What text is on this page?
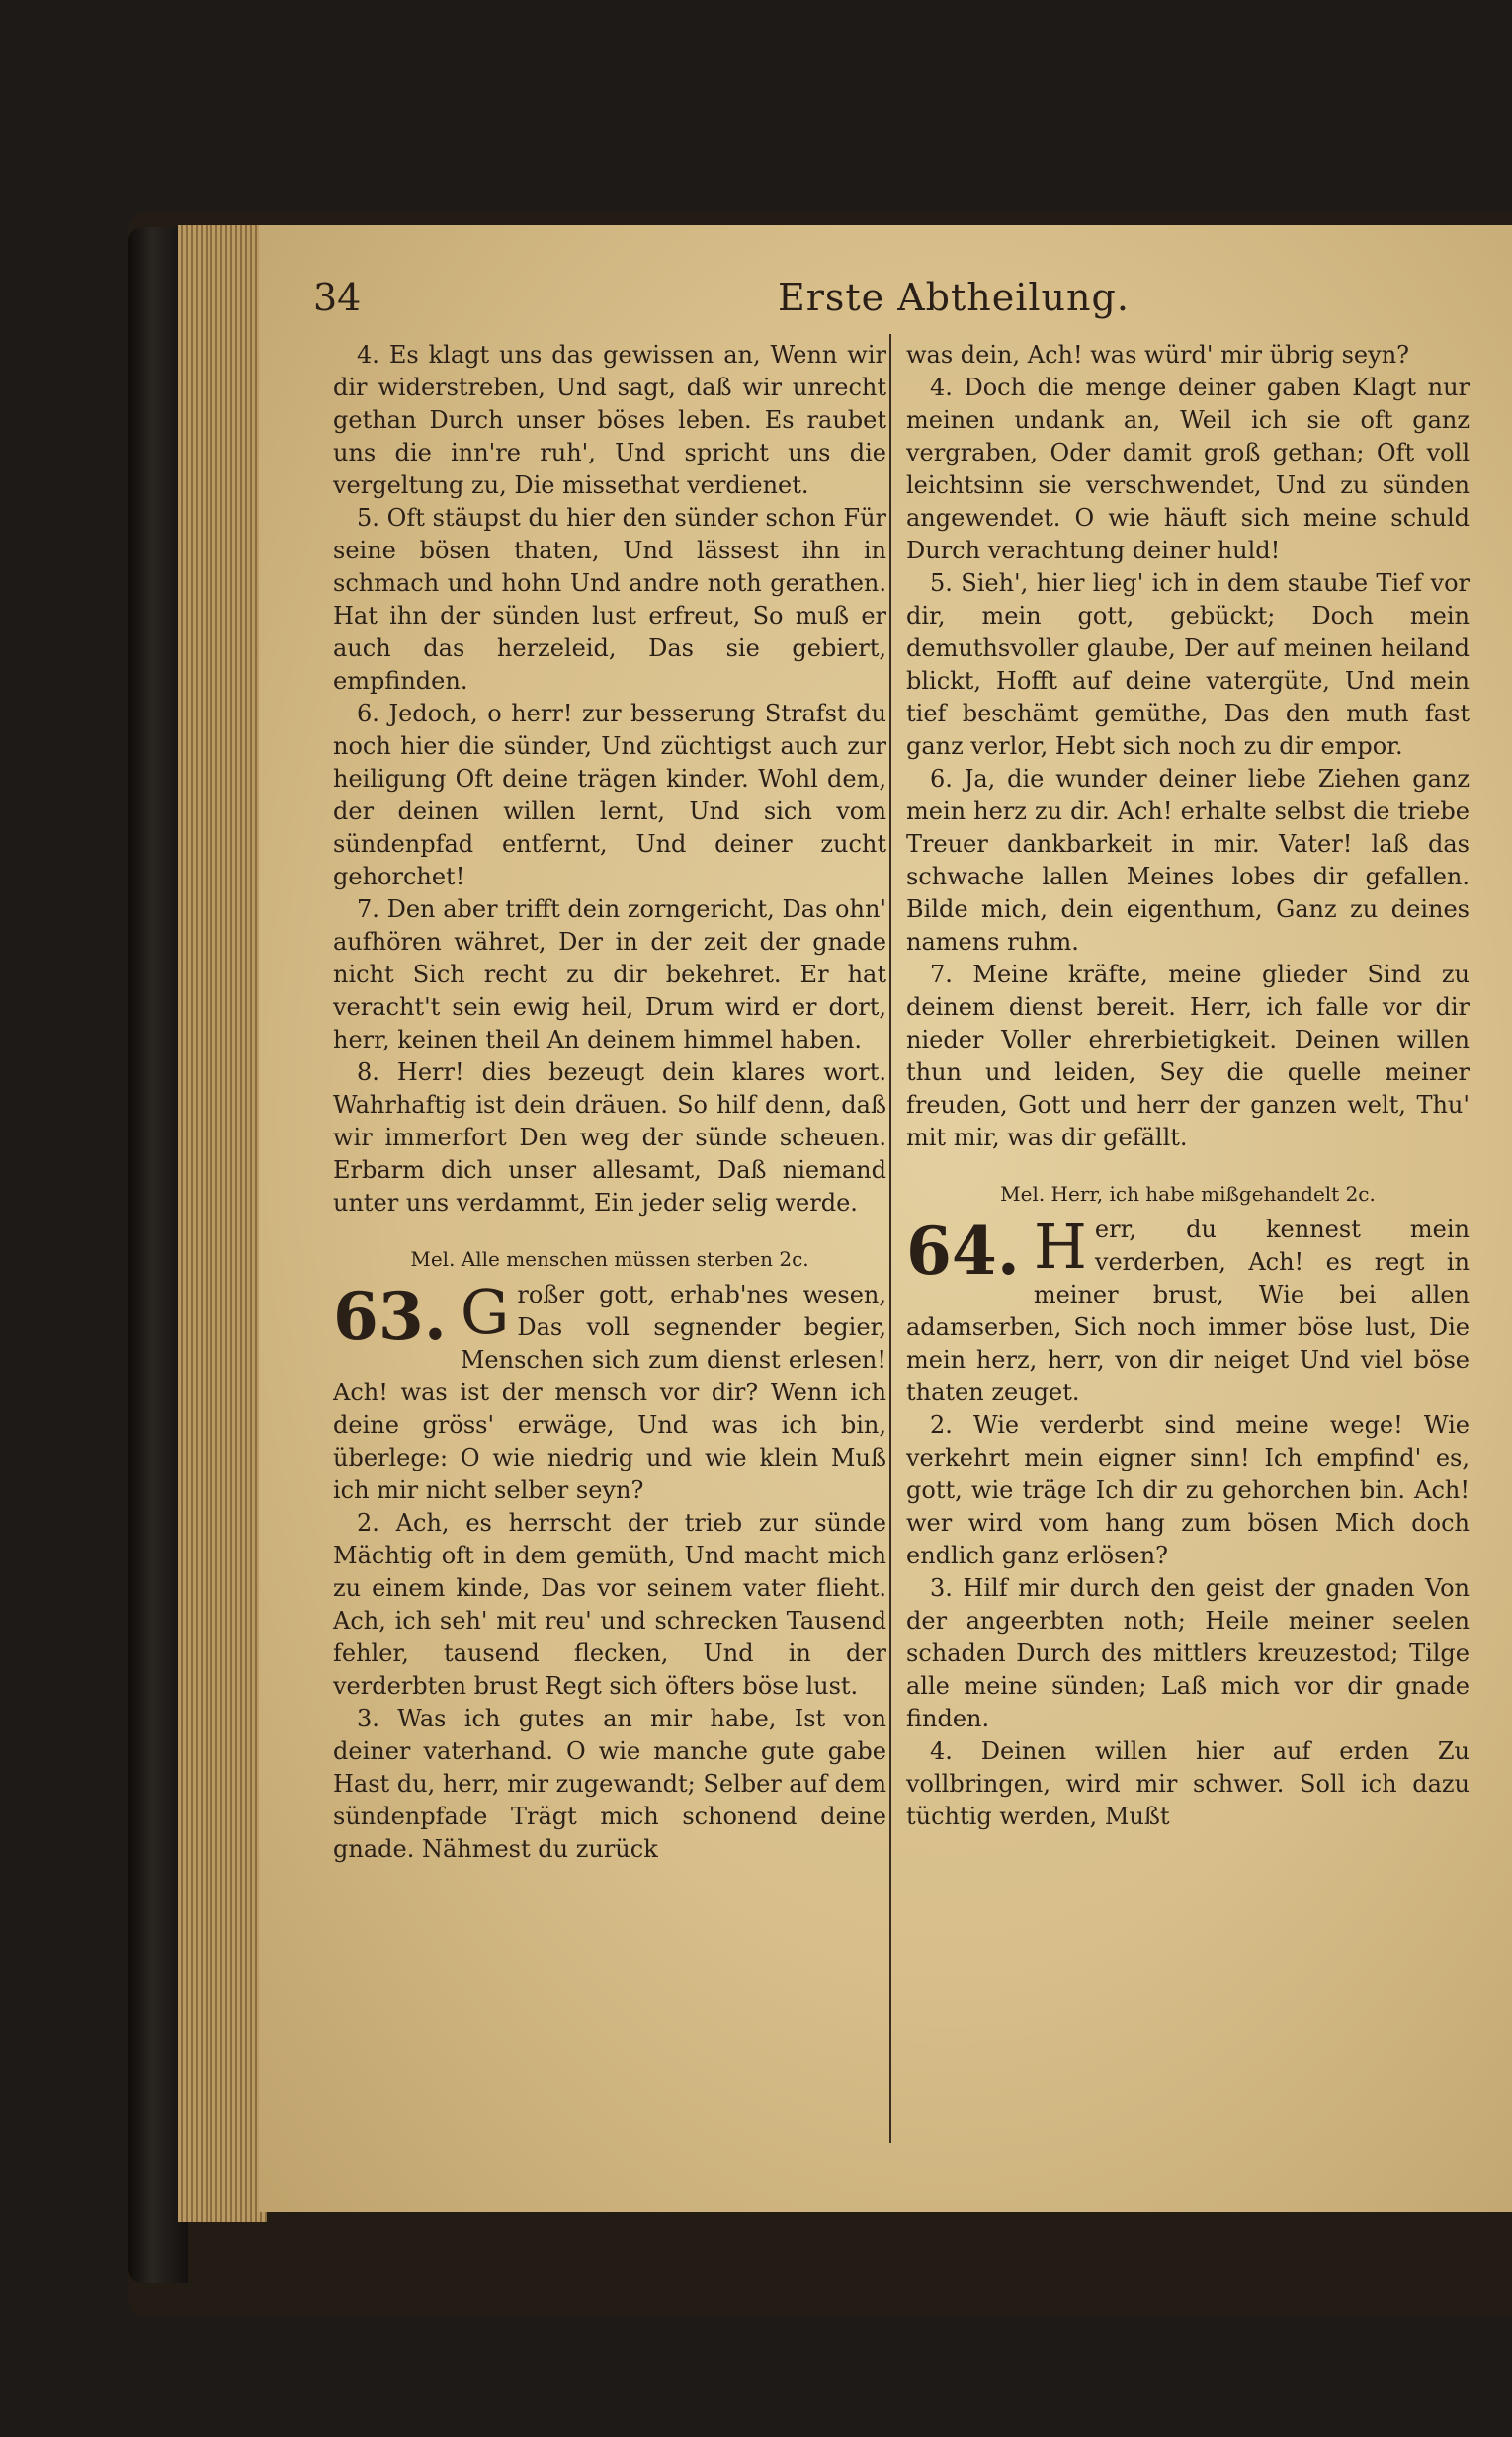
34	Erste Abtheilung.

4. Es klagt uns das gewissen an, Wenn wir dir widerstreben, Und sagt, daß wir unrecht gethan Durch unser böses leben. Es raubet uns die inn're ruh', Und spricht uns die vergeltung zu, Die missethat verdienet.

5. Oft stäupst du hier den sünder schon Für seine bösen thaten, Und lässest ihn in schmach und hohn Und andre noth gerathen. Hat ihn der sünden lust erfreut, So muß er auch das herzeleid, Das sie gebiert, empfinden.

6. Jedoch, o herr! zur besserung Strafst du noch hier die sünder, Und züchtigst auch zur heiligung Oft deine trägen kinder. Wohl dem, der deinen willen lernt, Und sich vom sündenpfad entfernt, Und deiner zucht gehorchet!

7. Den aber trifft dein zorngericht, Das ohn' aufhören währet, Der in der zeit der gnade nicht Sich recht zu dir bekehret. Er hat veracht't sein ewig heil, Drum wird er dort, herr, keinen theil An deinem himmel haben.

8. Herr! dies bezeugt dein klares wort. Wahrhaftig ist dein dräuen. So hilf denn, daß wir immerfort Den weg der sünde scheuen. Erbarm dich unser allesamt, Daß niemand unter uns verdammt, Ein jeder selig werde.

Mel. Alle menschen müssen sterben 2c.

63. G roßer gott, erhab'nes wesen, Das voll segnender begier, Menschen sich zum dienst erlesen! Ach! was ist der mensch vor dir? Wenn ich deine gröss' erwäge, Und was ich bin, überlege: O wie niedrig und wie klein Muß ich mir nicht selber seyn?

2. Ach, es herrscht der trieb zur sünde Mächtig oft in dem gemüth, Und macht mich zu einem kinde, Das vor seinem vater flieht. Ach, ich seh' mit reu' und schrecken Tausend fehler, tausend flecken, Und in der verderbten brust Regt sich öfters böse lust.

3. Was ich gutes an mir habe, Ist von deiner vaterhand. O wie manche gute gabe Hast du, herr, mir zugewandt; Selber auf dem sündenpfade Trägt mich schonend deine gnade. Nähmest du zurück

was dein, Ach! was würd' mir übrig seyn?

4. Doch die menge deiner gaben Klagt nur meinen undank an, Weil ich sie oft ganz vergraben, Oder damit groß gethan; Oft voll leichtsinn sie verschwendet, Und zu sünden angewendet. O wie häuft sich meine schuld Durch verachtung deiner huld!

5. Sieh', hier lieg' ich in dem staube Tief vor dir, mein gott, gebückt; Doch mein demuthsvoller glaube, Der auf meinen heiland blickt, Hofft auf deine vatergüte, Und mein tief beschämt gemüthe, Das den muth fast ganz verlor, Hebt sich noch zu dir empor.

6. Ja, die wunder deiner liebe Ziehen ganz mein herz zu dir. Ach! erhalte selbst die triebe Treuer dankbarkeit in mir. Vater! laß das schwache lallen Meines lobes dir gefallen. Bilde mich, dein eigenthum, Ganz zu deines namens ruhm.

7. Meine kräfte, meine glieder Sind zu deinem dienst bereit. Herr, ich falle vor dir nieder Voller ehrerbietigkeit. Deinen willen thun und leiden, Sey die quelle meiner freuden, Gott und herr der ganzen welt, Thu' mit mir, was dir gefällt.

Mel. Herr, ich habe mißgehandelt 2c.

64. H err, du kennest mein verderben, Ach! es regt in meiner brust, Wie bei allen adamserben, Sich noch immer böse lust, Die mein herz, herr, von dir neiget Und viel böse thaten zeuget.

2. Wie verderbt sind meine wege! Wie verkehrt mein eigner sinn! Ich empfind' es, gott, wie träge Ich dir zu gehorchen bin. Ach! wer wird vom hang zum bösen Mich doch endlich ganz erlösen?

3. Hilf mir durch den geist der gnaden Von der angeerbten noth; Heile meiner seelen schaden Durch des mittlers kreuzestod; Tilge alle meine sünden; Laß mich vor dir gnade finden.

4. Deinen willen hier auf erden Zu vollbringen, wird mir schwer. Soll ich dazu tüchtig werden, Mußt
